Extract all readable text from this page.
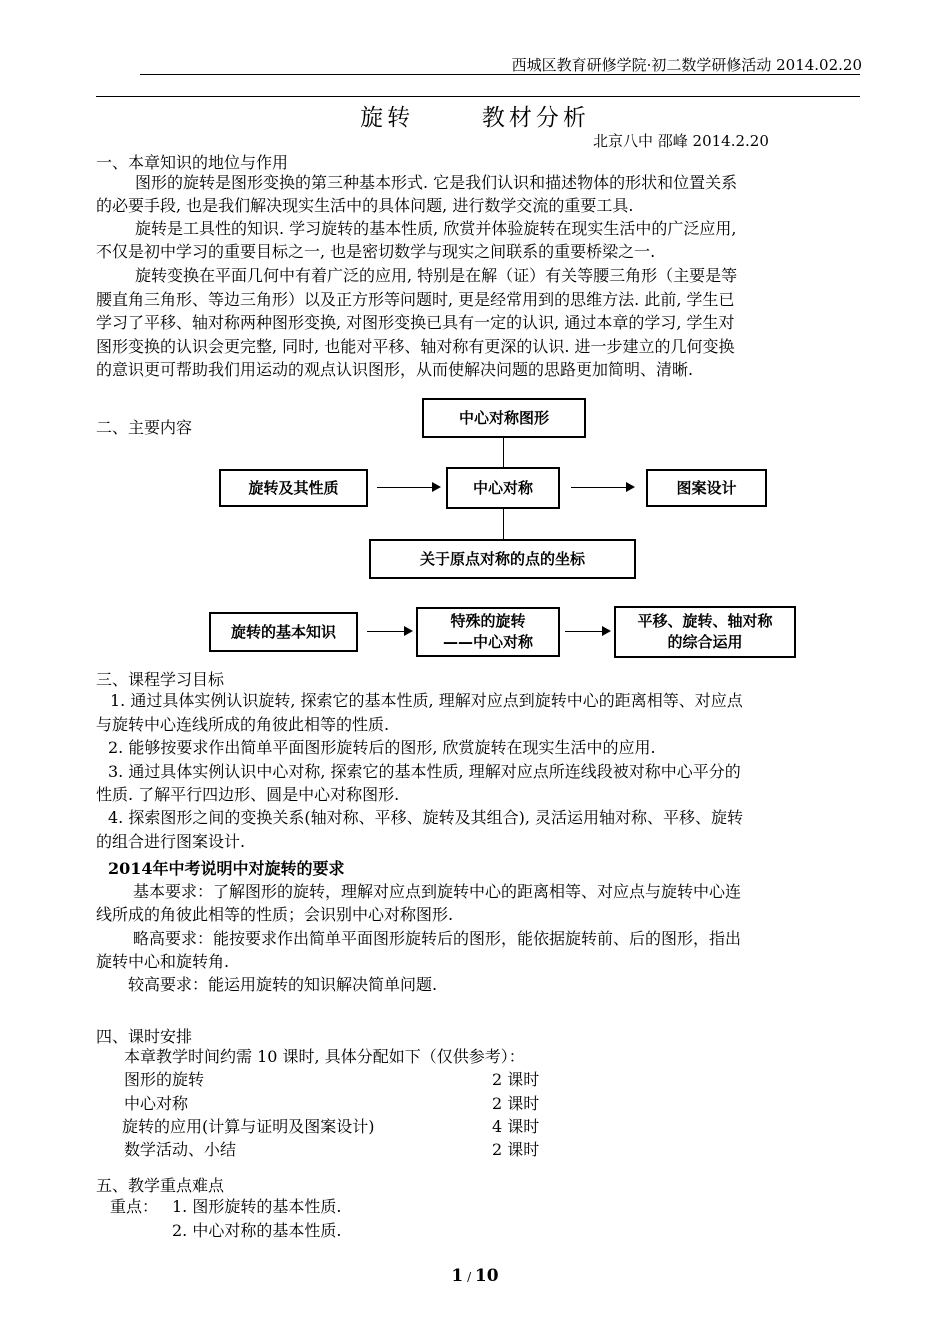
西城区教育研修学院·初二数学研修活动 2014.02.20
旋转      教材分析
北京八中 邵峰 2014.2.20
一、本章知识的地位与作用
图形的旋转是图形变换的第三种基本形式. 它是我们认识和描述物体的形状和位置关系
的必要手段, 也是我们解决现实生活中的具体问题, 进行数学交流的重要工具.
旋转是工具性的知识. 学习旋转的基本性质, 欣赏并体验旋转在现实生活中的广泛应用,
不仅是初中学习的重要目标之一, 也是密切数学与现实之间联系的重要桥梁之一.
旋转变换在平面几何中有着广泛的应用, 特别是在解（证）有关等腰三角形（主要是等
腰直角三角形、等边三角形）以及正方形等问题时, 更是经常用到的思维方法. 此前, 学生已
学习了平移、轴对称两种图形变换, 对图形变换已具有一定的认识, 通过本章的学习, 学生对
图形变换的认识会更完整, 同时, 也能对平移、轴对称有更深的认识. 进一步建立的几何变换
的意识更可帮助我们用运动的观点认识图形，从而使解决问题的思路更加简明、清晰.
二、主要内容
中心对称图形
旋转及其性质	中心对称	图案设计
关于原点对称的点的坐标
旋转的基本知识
特殊的旋转
——中心对称
平移、旋转、轴对称
的综合运用
三、课程学习目标
1. 通过具体实例认识旋转, 探索它的基本性质, 理解对应点到旋转中心的距离相等、对应点
与旋转中心连线所成的角彼此相等的性质.
2. 能够按要求作出简单平面图形旋转后的图形, 欣赏旋转在现实生活中的应用.
3. 通过具体实例认识中心对称, 探索它的基本性质, 理解对应点所连线段被对称中心平分的
性质. 了解平行四边形、圆是中心对称图形.
4. 探索图形之间的变换关系(轴对称、平移、旋转及其组合), 灵活运用轴对称、平移、旋转
的组合进行图案设计.
2014年中考说明中对旋转的要求
基本要求：了解图形的旋转，理解对应点到旋转中心的距离相等、对应点与旋转中心连
线所成的角彼此相等的性质；会识别中心对称图形.
略高要求：能按要求作出简单平面图形旋转后的图形，能依据旋转前、后的图形，指出
旋转中心和旋转角.
较高要求：能运用旋转的知识解决简单问题.
四、课时安排
本章教学时间约需 10 课时, 具体分配如下（仅供参考）：
图形的旋转	2 课时
中心对称	2 课时
旋转的应用(计算与证明及图案设计)	4 课时
数学活动、小结	2 课时
五、教学重点难点
重点： 1. 图形旋转的基本性质.
2. 中心对称的基本性质.
1 / 10
